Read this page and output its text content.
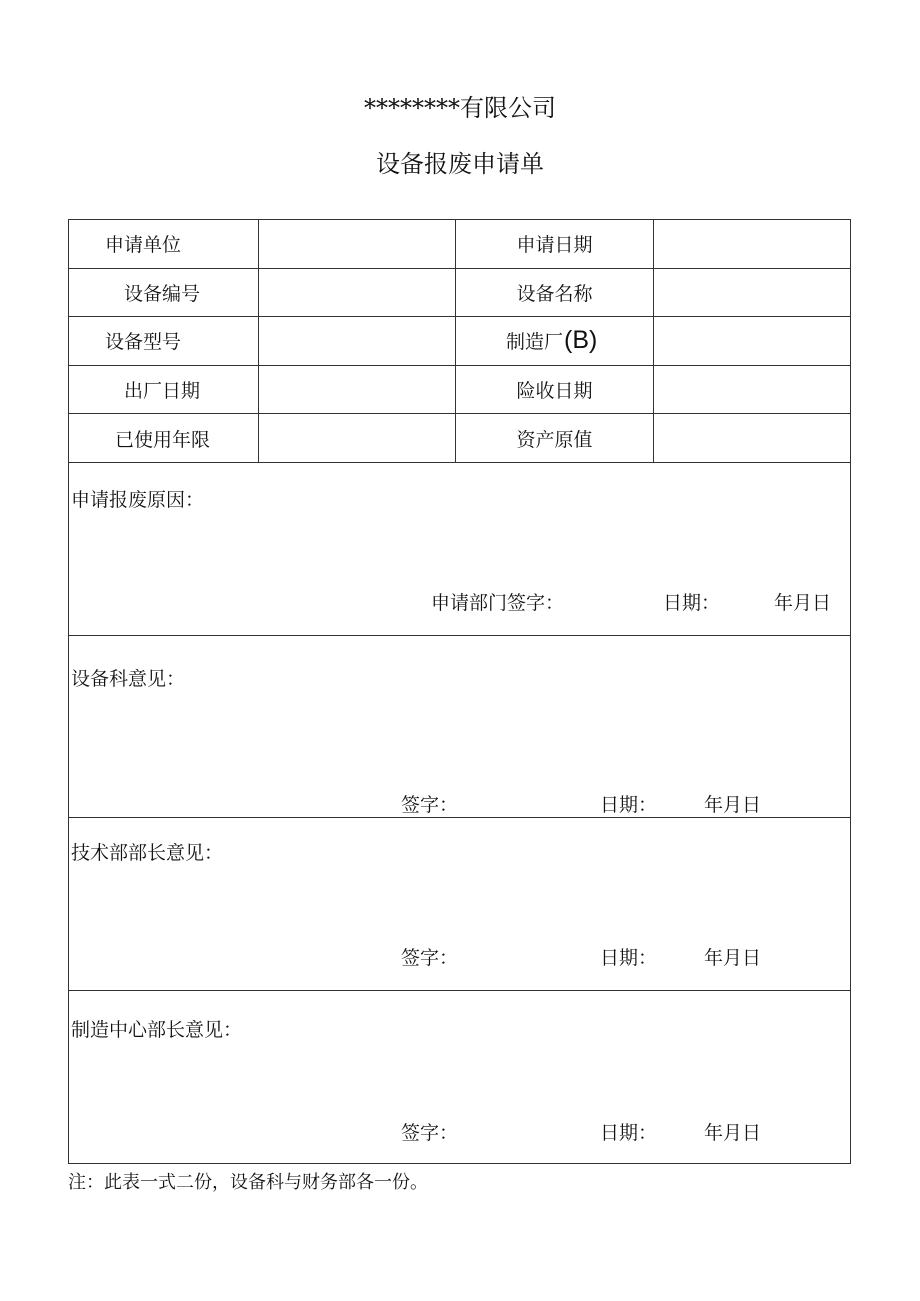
********有限公司
设备报废申请单
申请单位	申请日期
设备编号	设备名称
设备型号	制造厂 (B)
出厂日期	险收日期
已使用年限	资产原值
申请报废原因：
申请部门签字：	日期：	年月日
设备科意见：
签字：	日期： 年月日
技术部部长意见：
签字：	日期： 年月日
制造中心部长意见：
签字：	日期： 年月日
注：此表一式二份，设备科与财务部各一份。
